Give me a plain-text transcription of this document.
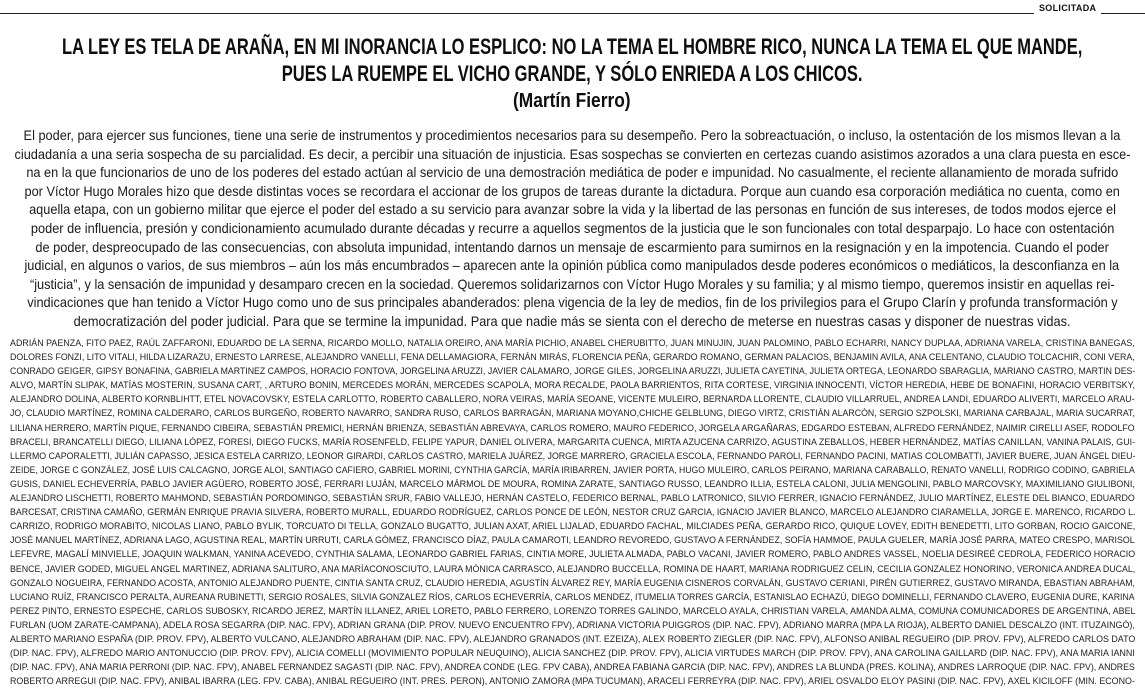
SOLICITADA
LA LEY ES TELA DE ARAÑA, EN MI INORANCIA LO ESPLICO: NO LA TEMA EL HOMBRE RICO, NUNCA LA TEMA EL QUE MANDE,
PUES LA RUEMPE EL VICHO GRANDE, Y SÓLO ENRIEDA A LOS CHICOS.
(Martín Fierro)
El poder, para ejercer sus funciones, tiene una serie de instrumentos y procedimientos necesarios para su desempeño. Pero la sobreactuación, o incluso, la ostentación de los mismos llevan a la
ciudadanía a una seria sospecha de su parcialidad. Es decir, a percibir una situación de injusticia. Esas sospechas se convierten en certezas cuando asistimos azorados a una clara puesta en esce-
na en la que funcionarios de uno de los poderes del estado actúan al servicio de una demostración mediática de poder e impunidad. No casualmente, el reciente allanamiento de morada sufrido
por Víctor Hugo Morales hizo que desde distintas voces se recordara el accionar de los grupos de tareas durante la dictadura. Porque aun cuando esa corporación mediática no cuenta, como en
aquella etapa, con un gobierno militar que ejerce el poder del estado a su servicio para avanzar sobre la vida y la libertad de las personas en función de sus intereses, de todos modos ejerce el
poder de influencia, presión y condicionamiento acumulado durante décadas y recurre a aquellos segmentos de la justicia que le son funcionales con total desparpajo. Lo hace con ostentación
de poder, despreocupado de las consecuencias, con absoluta impunidad, intentando darnos un mensaje de escarmiento para sumirnos en la resignación y en la impotencia. Cuando el poder
judicial, en algunos o varios, de sus miembros – aún los más encumbrados – aparecen ante la opinión pública como manipulados desde poderes económicos o mediáticos, la desconfianza en la
“justicia”, y la sensación de impunidad y desamparo crecen en la sociedad. Queremos solidarizarnos con Víctor Hugo Morales y su familia; y al mismo tiempo, queremos insistir en aquellas rei-
vindicaciones que han tenido a Víctor Hugo como uno de sus principales abanderados: plena vigencia de la ley de medios, fin de los privilegios para el Grupo Clarín y profunda transformación y
democratización del poder judicial. Para que se termine la impunidad. Para que nadie más se sienta con el derecho de meterse en nuestras casas y disponer de nuestras vidas.
ADRIÁN PAENZA, FITO PAEZ, RAÚL ZAFFARONI, EDUARDO DE LA SERNA, RICARDO MOLLO, NATALIA OREIRO, ANA MARÍA PICHIO, ANABEL CHERUBITTO, JUAN MINUJIN, JUAN PALOMINO, PABLO ECHARRI, NANCY DUPLAA, ADRIANA VARELA, CRISTINA BANEGAS,
DOLORES FONZI, LITO VITALI, HILDA LIZARAZU, ERNESTO LARRESE, ALEJANDRO VANELLI, FENA DELLAMAGIORA, FERNÁN MIRÁS, FLORENCIA PEÑA, GERARDO ROMANO, GERMAN PALACIOS, BENJAMIN AVILA, ANA CELENTANO, CLAUDIO TOLCACHIR, CONI VERA,
CONRADO GEIGER, GIPSY BONAFINA, GABRIELA MARTINEZ CAMPOS, HORACIO FONTOVA, JORGELINA ARUZZI, JAVIER CALAMARO, JORGE GILES, JORGELINA ARUZZI, JULIETA CAYETINA, JULIETA ORTEGA, LEONARDO SBARAGLIA, MARIANO CASTRO, MARTIN DES-
ALVO, MARTÍN SLIPAK, MATÍAS MOSTERIN, SUSANA CART, , ARTURO BONIN, MERCEDES MORÁN, MERCEDES SCAPOLA, MORA RECALDE, PAOLA BARRIENTOS, RITA CORTESE, VIRGINIA INNOCENTI, VÍCTOR HEREDIA, HEBE DE BONAFINI, HORACIO VERBITSKY,
ALEJANDRO DOLINA, ALBERTO KORNBLIHTT, ETEL NOVACOVSKY, ESTELA CARLOTTO, ROBERTO CABALLERO, NORA VEIRAS, MARÍA SEOANE, VICENTE MULEIRO, BERNARDA LLORENTE, CLAUDIO VILLARRUEL, ANDREA LANDI, EDUARDO ALIVERTI, MARCELO ARAU-
JO, CLAUDIO MARTÍNEZ, ROMINA CALDERARO, CARLOS BURGEÑO, ROBERTO NAVARRO, SANDRA RUSO, CARLOS BARRAGÁN, MARIANA MOYANO,CHICHE GELBLUNG, DIEGO VIRTZ, CRISTIÁN ALARCÓN, SERGIO SZPOLSKI, MARIANA CARBAJAL, MARIA SUCARRAT,
LILIANA HERRERO, MARTÍN PIQUE, FERNANDO CIBEIRA, SEBASTIÁN PREMICI, HERNÁN BRIENZA, SEBASTIÁN ABREVAYA, CARLOS ROMERO, MAURO FEDERICO, JORGELA ARGAÑARAS, EDGARDO ESTEBAN, ALFREDO FERNÁNDEZ, NAIMIR CIRELLI ASEF, RODOLFO
BRACELI, BRANCATELLI DIEGO, LILIANA LÓPEZ, FORESI, DIEGO FUCKS, MARÍA ROSENFELD, FELIPE YAPUR, DANIEL OLIVERA, MARGARITA CUENCA, MIRTA AZUCENA CARRIZO, AGUSTINA ZEBALLOS, HEBER HERNÁNDEZ, MATÍAS CANILLAN, VANINA PALAIS, GUI-
LLERMO CAPORALETTI, JULIÁN CAPASSO, JESICA ESTELA CARRIZO, LEONOR GIRARDI, CARLOS CASTRO, MARIELA JUÁREZ, JORGE MARRERO, GRACIELA ESCOLA, FERNANDO PAROLI, FERNANDO PACINI, MATIAS COLOMBATTI, JAVIER BUERE, JUAN ÁNGEL DIEU-
ZEIDE, JORGE C GONZÁLEZ, JOSÉ LUIS CALCAGNO, JORGE ALOI, SANTIAGO CAFIERO, GABRIEL MORINI, CYNTHIA GARCÍA, MARÍA IRIBARREN, JAVIER PORTA, HUGO MULEIRO, CARLOS PEIRANO, MARIANA CARABALLO, RENATO VANELLI, RODRIGO CODINO, GABRIELA
GUSIS, DANIEL ECHEVERRÍA, PABLO JAVIER AGÜERO, ROBERTO JOSÉ, FERRARI LUJÁN, MARCELO MÁRMOL DE MOURA, ROMINA ZARATE, SANTIAGO RUSSO, LEANDRO ILLIA, ESTELA CALONI, JULIA MENGOLINI, PABLO MARCOVSKY, MAXIMILIANO GIULIBONI,
ALEJANDRO LISCHETTI, ROBERTO MAHMOND, SEBASTIÁN PORDOMINGO, SEBASTIÁN SRUR, FABIO VALLEJO, HERNÁN CASTELO, FEDERICO BERNAL, PABLO LATRONICO, SILVIO FERRER, IGNACIO FERNÁNDEZ, JULIO MARTÍNEZ, ELESTE DEL BIANCO, EDUARDO
BARCESAT, CRISTINA CAMAÑO, GERMÁN ENRIQUE PRAVIA SILVERA, ROBERTO MURALL, EDUARDO RODRÍGUEZ, CARLOS PONCE DE LEÓN, NESTOR CRUZ GARCIA, IGNACIO JAVIER BLANCO, MARCELO ALEJANDRO CIARAMELLA, JORGE E. MARENCO, RICARDO L.
CARRIZO, RODRIGO MORABITO, NICOLAS LIANO, PABLO BYLIK, TORCUATO DI TELLA, GONZALO BUGATTO, JULIAN AXAT, ARIEL LIJALAD, EDUARDO FACHAL, MILCIADES PEÑA, GERARDO RICO, QUIQUE LOVEY, EDITH BENEDETTI, LITO GORBAN, ROCIO GAICONE,
JOSÉ MANUEL MARTÍNEZ, ADRIANA LAGO, AGUSTINA REAL, MARTÍN URRUTI, CARLA GÓMEZ, FRANCISCO DÍAZ, PAULA CAMAROTI, LEANDRO REVOREDO, GUSTAVO A FERNÁNDEZ, SOFÍA HAMMOE, PAULA GUELER, MARÍA JOSÉ PARRA, MATEO CRESPO, MARISOL
LEFEVRE, MAGALÍ MINVIELLE, JOAQUIN WALKMAN, YANINA ACEVEDO, CYNTHIA SALAMA, LEONARDO GABRIEL FARIAS, CINTIA MORE, JULIETA ALMADA, PABLO VACANI, JAVIER ROMERO, PABLO ANDRES VASSEL, NOELIA DESIREÉ CEDROLA, FEDERICO HORACIO
BENCE, JAVIER GODED, MIGUEL ANGEL MARTINEZ, ADRIANA SALITURO, ANA MARÍACONOSCIUTO, LAURA MÓNICA CARRASCO, ALEJANDRO BUCCELLA, ROMINA DE HAART, MARIANA RODRIGUEZ CELIN, CECILIA GONZALEZ HONORINO, VERONICA ANDREA DUCAL,
GONZALO NOGUEIRA, FERNANDO ACOSTA, ANTONIO ALEJANDRO PUENTE, CINTIA SANTA CRUZ, CLAUDIO HEREDIA, AGUSTÍN ÁLVAREZ REY, MARÍA EUGENIA CISNEROS CORVALÁN, GUSTAVO CERIANI, PIRÉN GUTIERREZ, GUSTAVO MIRANDA, EBASTIAN ABRAHAM,
LUCIANO RUÍZ, FRANCISCO PERALTA, AUREANA RUBINETTI, SERGIO ROSALES, SILVIA GONZALEZ RÍOS, CARLOS ECHEVERRÍA, CARLOS MENDEZ, ITUMELIA TORRES GARCÍA, ESTANISLAO ECHAZÚ, DIEGO DOMINELLI, FERNANDO CLAVERO, EUGENIA DURE, KARINA
PEREZ PINTO, ERNESTO ESPECHE, CARLOS SUBOSKY, RICARDO JEREZ, MARTÍN ILLANEZ, ARIEL LORETO, PABLO FERRERO, LORENZO TORRES GALINDO, MARCELO AYALA, CHRISTIAN VARELA, AMANDA ALMA, COMUNA COMUNICADORES DE ARGENTINA, ABEL
FURLAN (UOM ZARATE-CAMPANA), ADELA ROSA SEGARRA (DIP. NAC. FPV), ADRIAN GRANA (DIP. PROV. NUEVO ENCUENTRO FPV), ADRIANA VICTORIA PUIGGROS (DIP. NAC. FPV), ADRIANO MARRA (MPA LA RIOJA), ALBERTO DANIEL DESCALZO (INT. ITUZAINGÓ),
ALBERTO MARIANO ESPAÑA (DIP. PROV. FPV), ALBERTO VULCANO, ALEJANDRO ABRAHAM (DIP. NAC. FPV), ALEJANDRO GRANADOS (INT. EZEIZA), ALEX ROBERTO ZIEGLER (DIP. NAC. FPV), ALFONSO ANIBAL REGUEIRO (DIP. PROV. FPV), ALFREDO CARLOS DATO
(DIP. NAC. FPV), ALFREDO MARIO ANTONUCCIO (DIP. PROV. FPV), ALICIA COMELLI (MOVIMIENTO POPULAR NEUQUINO), ALICIA SANCHEZ (DIP. PROV. FPV), ALICIA VIRTUDES MARCH (DIP. PROV. FPV), ANA CAROLINA GAILLARD (DIP. NAC. FPV), ANA MARIA IANNI
(DIP. NAC. FPV), ANA MARIA PERRONI (DIP. NAC. FPV), ANABEL FERNANDEZ SAGASTI (DIP. NAC. FPV), ANDREA CONDE (LEG. FPV CABA), ANDREA FABIANA GARCIA (DIP. NAC. FPV), ANDRES LA BLUNDA (PRES. KOLINA), ANDRES LARROQUE (DIP. NAC. FPV), ANDRES
ROBERTO ARREGUI (DIP. NAC. FPV), ANIBAL IBARRA (LEG. FPV. CABA), ANIBAL REGUEIRO (INT. PRES. PERON), ANTONIO ZAMORA (MPA TUCUMAN), ARACELI FERREYRA (DIP. NAC. FPV), ARIEL OSVALDO ELOY PASINI (DIP. NAC. FPV), AXEL KICILOFF (MIN. ECONO-
